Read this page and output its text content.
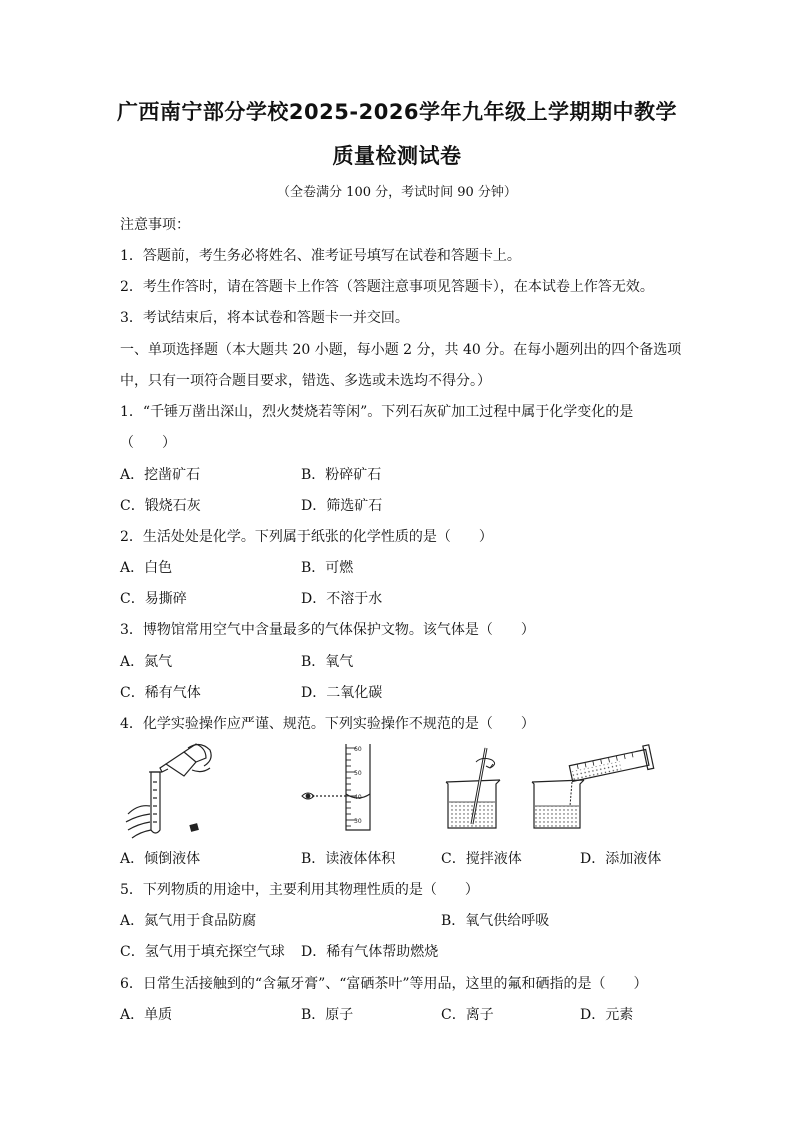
广西南宁部分学校2025-2026学年九年级上学期期中教学
质量检测试卷
（全卷满分 100 分，考试时间 90 分钟）
注意事项：
1．答题前，考生务必将姓名、准考证号填写在试卷和答题卡上。
2．考生作答时，请在答题卡上作答（答题注意事项见答题卡），在本试卷上作答无效。
3．考试结束后，将本试卷和答题卡一并交回。
一、单项选择题（本大题共 20 小题，每小题 2 分，共 40 分。在每小题列出的四个备选项
中，只有一项符合题目要求，错选、多选或未选均不得分。）
1．“千锤万凿出深山，烈火焚烧若等闲”。下列石灰矿加工过程中属于化学变化的是
（　　）
A．挖凿矿石	B．粉碎矿石
C．锻烧石灰	D．筛选矿石
2．生活处处是化学。下列属于纸张的化学性质的是（　　）
A．白色	B．可燃
C．易撕碎	D．不溶于水
3．博物馆常用空气中含量最多的气体保护文物。该气体是（　　）
A．氮气	B．氧气
C．稀有气体	D．二氧化碳
4．化学实验操作应严谨、规范。下列实验操作不规范的是（　　）
60
50
40
30
A．倾倒液体	B．读液体体积	C．搅拌液体	D．添加液体
5．下列物质的用途中，主要利用其物理性质的是（　　）
A．氮气用于食品防腐	B．氧气供给呼吸
C．氢气用于填充探空气球 D．稀有气体帮助燃烧
6．日常生活接触到的“含氟牙膏”、“富硒茶叶”等用品，这里的氟和硒指的是（　　）
A．单质	B．原子	C．离子	D．元素
